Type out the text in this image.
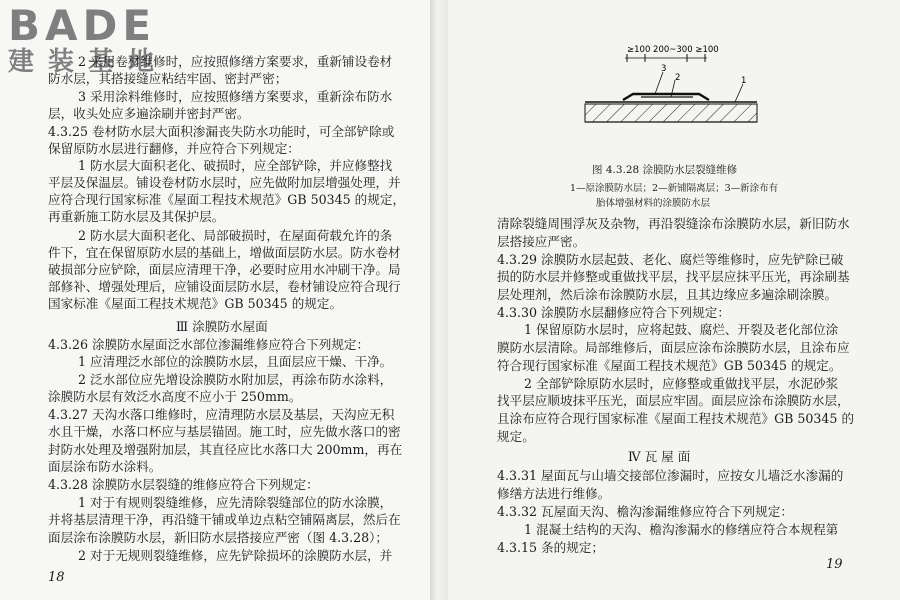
BADE
建装基地
2 采用卷材维修时，应按照修缮方案要求，重新铺设卷材
防水层，其搭接缝应粘结牢固、密封严密；
3 采用涂料维修时，应按照修缮方案要求，重新涂布防水
层，收头处应多遍涂刷并密封严密。
4.3.25 卷材防水层大面积渗漏丧失防水功能时，可全部铲除或
保留原防水层进行翻修，并应符合下列规定：
1 防水层大面积老化、破损时，应全部铲除，并应修整找
平层及保温层。铺设卷材防水层时，应先做附加层增强处理，并
应符合现行国家标准《屋面工程技术规范》GB 50345 的规定，
再重新施工防水层及其保护层。
2 防水层大面积老化、局部破损时，在屋面荷载允许的条
件下，宜在保留原防水层的基础上，增做面层防水层。防水卷材
破损部分应铲除，面层应清理干净，必要时应用水冲刷干净。局
部修补、增强处理后，应铺设面层防水层，卷材铺设应符合现行
国家标准《屋面工程技术规范》GB 50345 的规定。
Ⅲ 涂膜防水屋面
4.3.26 涂膜防水屋面泛水部位渗漏维修应符合下列规定：
1 应清理泛水部位的涂膜防水层，且面层应干燥、干净。
2 泛水部位应先增设涂膜防水附加层，再涂布防水涂料，
涂膜防水层有效泛水高度不应小于 250mm。
4.3.27 天沟水落口维修时，应清理防水层及基层，天沟应无积
水且干燥，水落口杯应与基层锚固。施工时，应先做水落口的密
封防水处理及增强附加层，其直径应比水落口大 200mm，再在
面层涂布防水涂料。
4.3.28 涂膜防水层裂缝的维修应符合下列规定：
1 对于有规则裂缝维修，应先清除裂缝部位的防水涂膜，
并将基层清理干净，再沿缝干铺或单边点粘空铺隔离层，然后在
面层涂布涂膜防水层，新旧防水层搭接应严密（图 4.3.28）；
2 对于无规则裂缝维修，应先铲除损坏的涂膜防水层，并
18
≥100 200~300 ≥100
3
2	1
图 4.3.28 涂膜防水层裂缝维修
1—原涂膜防水层；2—新铺隔离层；3—新涂布有
胎体增强材料的涂膜防水层
清除裂缝周围浮灰及杂物，再沿裂缝涂布涂膜防水层，新旧防水
层搭接应严密。
4.3.29 涂膜防水层起鼓、老化、腐烂等维修时，应先铲除已破
损的防水层并修整或重做找平层，找平层应抹平压光，再涂刷基
层处理剂，然后涂布涂膜防水层，且其边缘应多遍涂刷涂膜。
4.3.30 涂膜防水层翻修应符合下列规定：
1 保留原防水层时，应将起鼓、腐烂、开裂及老化部位涂
膜防水层清除。局部维修后，面层应涂布涂膜防水层，且涂布应
符合现行国家标准《屋面工程技术规范》GB 50345 的规定。
2 全部铲除原防水层时，应修整或重做找平层，水泥砂浆
找平层应顺坡抹平压光，面层应牢固。面层应涂布涂膜防水层，
且涂布应符合现行国家标准《屋面工程技术规范》GB 50345 的
规定。
Ⅳ 瓦 屋 面
4.3.31 屋面瓦与山墙交接部位渗漏时，应按女儿墙泛水渗漏的
修缮方法进行维修。
4.3.32 瓦屋面天沟、檐沟渗漏维修应符合下列规定：
1 混凝土结构的天沟、檐沟渗漏水的修缮应符合本规程第
4.3.15 条的规定；
19
